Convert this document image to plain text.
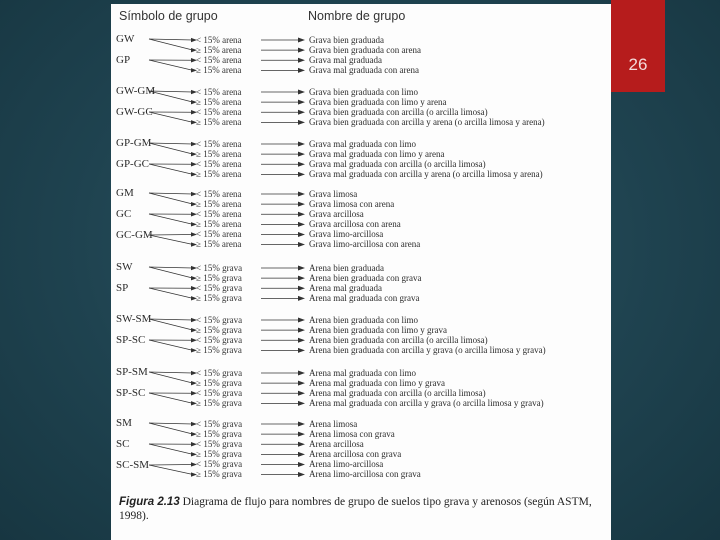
26
Símbolo de grupo	Nombre de grupo
GW
GP
< 15% arena
≥ 15% arena
< 15% arena
≥ 15% arena
Grava bien graduada
Grava bien graduada con arena
Grava mal graduada
Grava mal graduada con arena
GW-GM
GW-GC
< 15% arena
≥ 15% arena
< 15% arena
≥ 15% arena
Grava bien graduada con limo
Grava bien graduada con limo y arena
Grava bien graduada con arcilla (o arcilla limosa)
Grava bien graduada con arcilla y arena (o arcilla limosa y arena)
GP-GM
GP-GC
< 15% arena
≥ 15% arena
< 15% arena
≥ 15% arena
Grava mal graduada con limo
Grava mal graduada con limo y arena
Grava mal graduada con arcilla (o arcilla limosa)
Grava mal graduada con arcilla y arena (o arcilla limosa y arena)
GM
GC
GC-GM
< 15% arena
≥ 15% arena
< 15% arena
≥ 15% arena
< 15% arena
≥ 15% arena
Grava limosa
Grava limosa con arena
Grava arcillosa
Grava arcillosa con arena
Grava limo-arcillosa
Grava limo-arcillosa con arena
SW
SP
< 15% grava
≥ 15% grava
< 15% grava
≥ 15% grava
Arena bien graduada
Arena bien graduada con grava
Arena mal graduada
Arena mal graduada con grava
SW-SM
SP-SC
< 15% grava
≥ 15% grava
< 15% grava
≥ 15% grava
Arena bien graduada con limo
Arena bien graduada con limo y grava
Arena bien graduada con arcilla (o arcilla limosa)
Arena bien graduada con arcilla y grava (o arcilla limosa y grava)
SP-SM
SP-SC
< 15% grava
≥ 15% grava
< 15% grava
≥ 15% grava
Arena mal graduada con limo
Arena mal graduada con limo y grava
Arena mal graduada con arcilla (o arcilla limosa)
Arena mal graduada con arcilla y grava (o arcilla limosa y grava)
SM
SC
SC-SM
< 15% grava
≥ 15% grava
< 15% grava
≥ 15% grava
< 15% grava
≥ 15% grava
Arena limosa
Arena limosa con grava
Arena arcillosa
Arena arcillosa con grava
Arena limo-arcillosa
Arena limo-arcillosa con grava
Figura 2.13 Diagrama de flujo para nombres de grupo de suelos tipo grava y arenosos (según ASTM, 1998).
